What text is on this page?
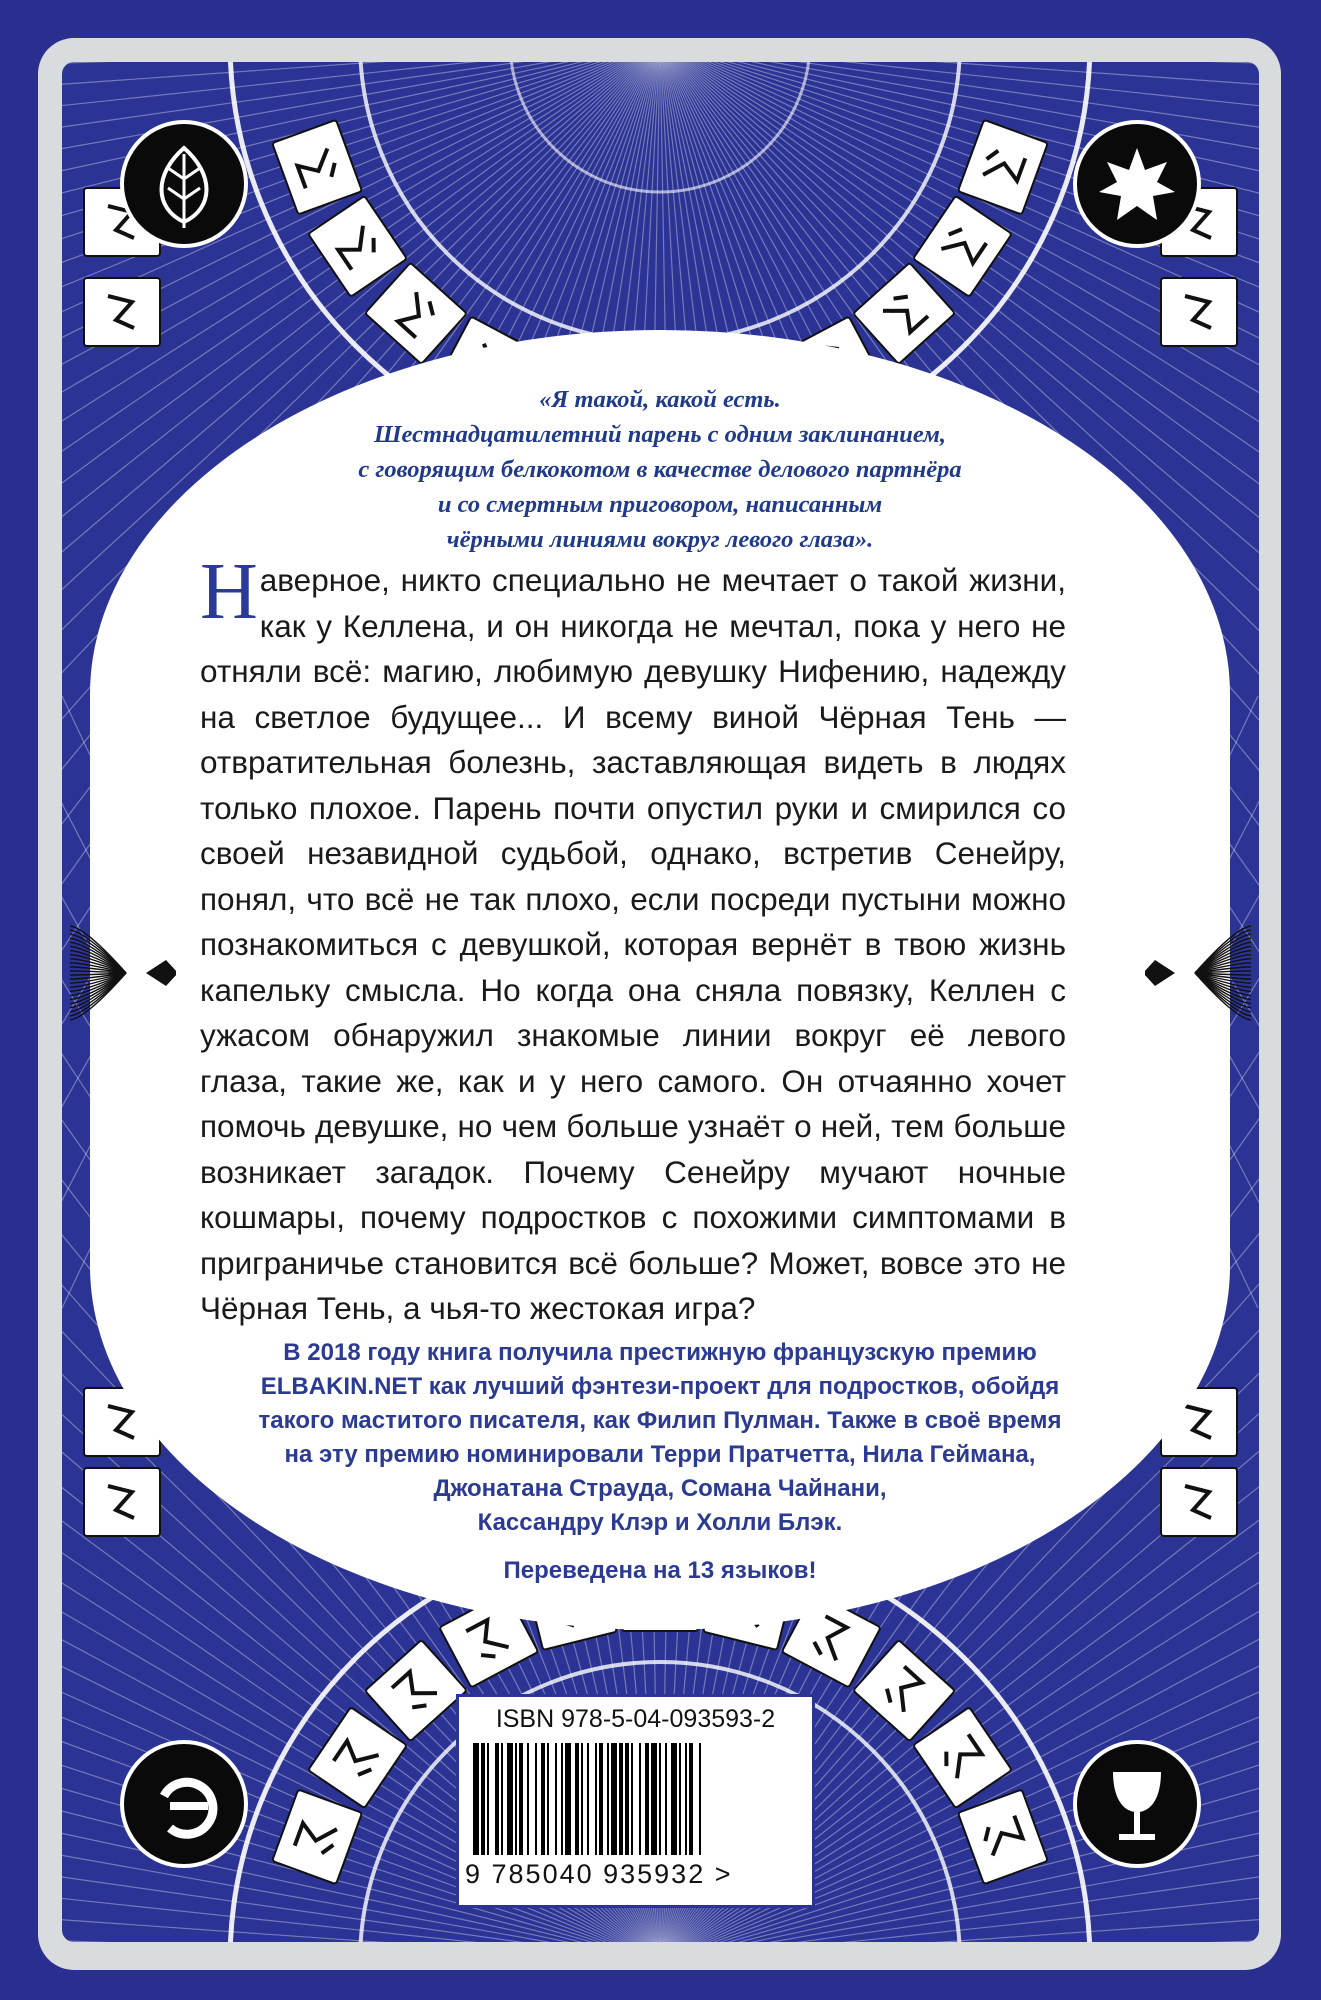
«Я такой, какой есть.
Шестнадцатилетний парень с одним заклинанием,
с говорящим белкокотом в качестве делового партнёра
и со смертным приговором, написанным
чёрными линиями вокруг левого глаза».
Наверное, никто специально не мечтает о такой жизни, как у Келлена, и он никогда не мечтал, пока у него не отняли всё: магию, любимую девушку Нифению, надежду на светлое будущее... И всему виной Чёрная Тень — отвратительная болезнь, заставляющая видеть в людях только плохое. Парень почти опустил руки и смирился со своей незавидной судьбой, однако, встретив Сенейру, понял, что всё не так плохо, если посреди пустыни можно познакомиться с девушкой, которая вернёт в твою жизнь капельку смысла. Но когда она сняла повязку, Келлен с ужасом обнаружил знакомые линии вокруг её левого глаза, такие же, как и у него самого. Он отчаянно хочет помочь девушке, но чем больше узнаёт о ней, тем больше возникает загадок. Почему Сенейру мучают ночные кошмары, почему подростков с похожими симптомами в приграничье становится всё больше? Может, вовсе это не Чёрная Тень, а чья-то жестокая игра?
В 2018 году книга получила престижную французскую премию
ELBAKIN.NET как лучший фэнтези-проект для подростков, обойдя
такого маститого писателя, как Филип Пулман. Также в своё время
на эту премию номинировали Терри Пратчетта, Нила Геймана,
Джонатана Страуда, Сомана Чайнани,
Кассандру Клэр и Холли Блэк.
Переведена на 13 языков!
ISBN 978-5-04-093593-2
9 785040 935932 >
